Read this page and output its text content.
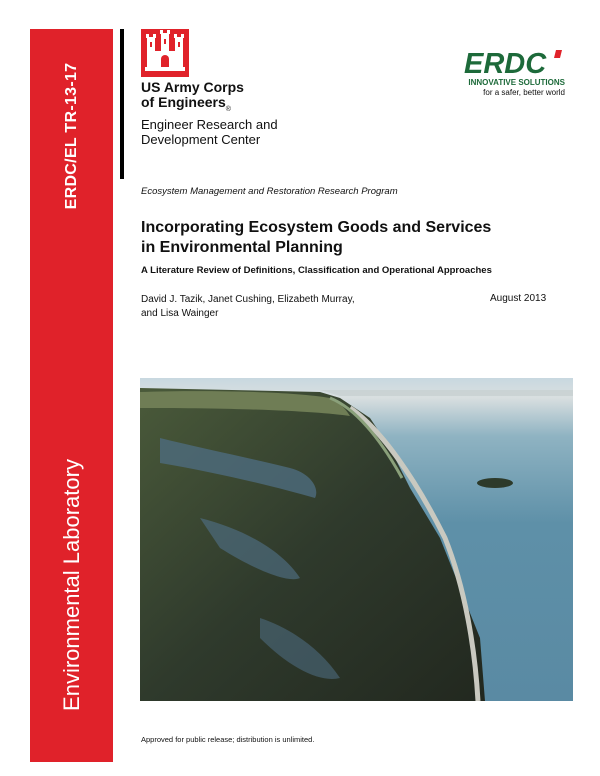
ERDC/EL TR-13-17
Environmental Laboratory
US Army Corps
of Engineers$_®$
Engineer Research and
Development Center
ERDC
INNOVATIVE SOLUTIONS
for a safer, better world
Ecosystem Management and Restoration Research Program
Incorporating Ecosystem Goods and Services
in Environmental Planning
A Literature Review of Definitions, Classification and Operational Approaches
David J. Tazik, Janet Cushing, Elizabeth Murray,
and Lisa Wainger
August 2013
Approved for public release; distribution is unlimited.
